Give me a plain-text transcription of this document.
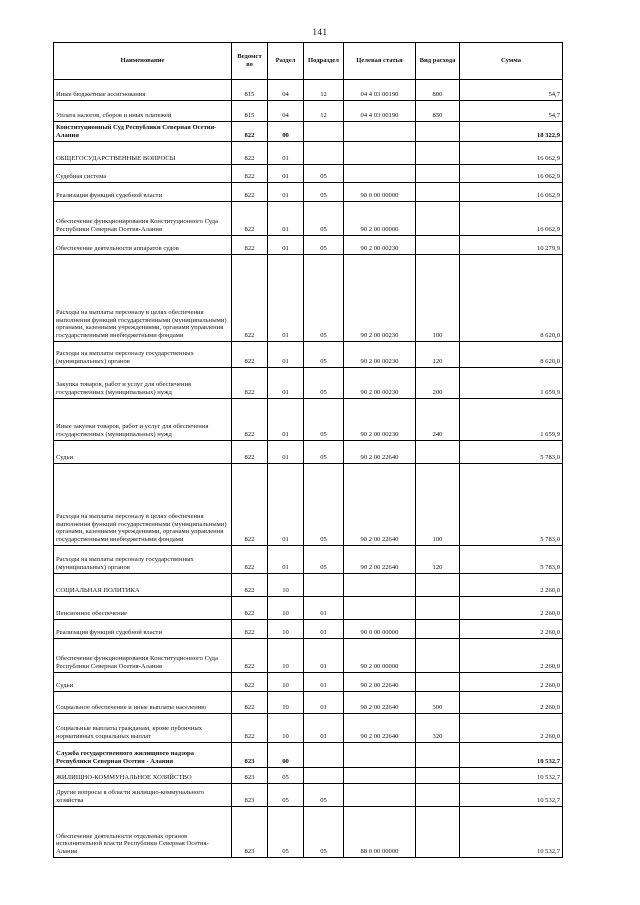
141
Наименование	Ведомст во	Раздел	Подраздел	Целевая статья	Вид расхода	Сумма
Иные бюджетные ассигнования	815	04	12	04 4 03 00190	800	54,7
Уплата налогов, сборов и иных платежей	815	04	12	04 4 03 00190	850	54,7
Конституционный Суд Республики Северная Осетия-Алания	822	00				18 322,9
ОБЩЕГОСУДАРСТВЕННЫЕ ВОПРОСЫ	822	01				16 062,9
Судебная система	822	01	05			16 062,9
Реализация функций судебной власти	822	01	05	90 0 00 00000		16 062,9
Обеспечение функционирования Конституционного Суда Республики Северная Осетия-Алания	822	01	05	90 2 00 00000		16 062,9
Обеспечение деятельности аппаратов судов	822	01	05	90 2 00 00230		10 279,9
Расходы на выплаты персоналу в целях обеспечения выполнения функций государственными (муниципальными) органами, казенными учреждениями, органами управления государственными внебюджетными фондами	822	01	05	90 2 00 00230	100	8 620,0
Расходы на выплаты персоналу государственных (муниципальных) органов	822	01	05	90 2 00 00230	120	8 620,0
Закупка товаров, работ и услуг для обеспечения государственных (муниципальных) нужд	822	01	05	90 2 00 00230	200	1 659,9
Иные закупки товаров, работ и услуг для обеспечения государственных (муниципальных) нужд	822	01	05	90 2 00 00230	240	1 659,9
Судьи	822	01	05	90 2 00 22640		5 783,0
Расходы на выплаты персоналу в целях обеспечения выполнения функций государственными (муниципальными) органами, казенными учреждениями, органами управления государственными внебюджетными фондами	822	01	05	90 2 00 22640	100	5 783,0
Расходы на выплаты персоналу государственных (муниципальных) органов	822	01	05	90 2 00 22640	120	5 783,0
СОЦИАЛЬНАЯ ПОЛИТИКА	822	10				2 260,0
Пенсионное обеспечение	822	10	01			2 260,0
Реализация функций судебной власти	822	10	01	90 0 00 00000		2 260,0
Обеспечение функционирования Конституционного Суда Республики Северная Осетия-Алания	822	10	01	90 2 00 00000		2 260,0
Судьи	822	10	01	90 2 00 22640		2 260,0
Социальное обеспечение и иные выплаты населению	822	10	01	90 2 00 22640	300	2 260,0
Социальные выплаты гражданам, кроме публичных нормативных социальных выплат	822	10	01	90 2 00 22640	320	2 260,0
Служба государственного жилищного надзора Республики Северная Осетия - Алания	823	00				10 532,7
ЖИЛИЩНО-КОММУНАЛЬНОЕ ХОЗЯЙСТВО	823	05				10 532,7
Другие вопросы в области жилищно-коммунального хозяйства	823	05	05			10 532,7
Обеспечение деятельности отдельных органов исполнительной власти Республики Северная Осетия-Алания	823	05	05	88 0 00 00000		10 532,7
